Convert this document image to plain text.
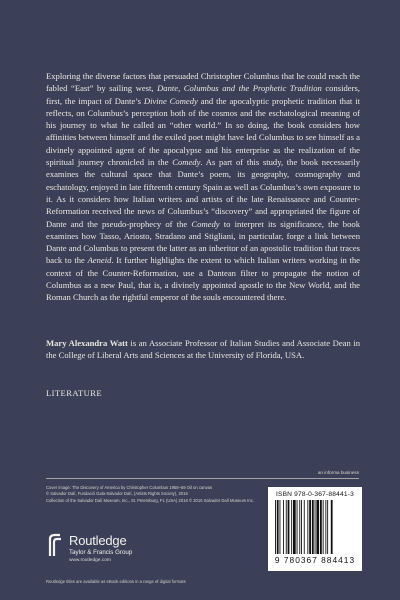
Exploring the diverse factors that persuaded Christopher Columbus that he could reach the fabled “East” by sailing west, Dante, Columbus and the Prophetic Tradition considers, first, the impact of Dante’s Divine Comedy and the apocalyptic prophetic tradition that it reflects, on Columbus’s perception both of the cosmos and the eschatological meaning of his journey to what he called an “other world.” In so doing, the book considers how affinities between himself and the exiled poet might have led Columbus to see himself as a divinely appointed agent of the apocalypse and his enterprise as the realization of the spiritual journey chronicled in the Comedy. As part of this study, the book necessarily examines the cultural space that Dante’s poem, its geography, cosmography and eschatology, enjoyed in late fifteenth century Spain as well as Columbus’s own exposure to it. As it considers how Italian writers and artists of the late Renaissance and Counter-Reformation received the news of Columbus’s “discovery” and appropriated the figure of Dante and the pseudo-prophecy of the Comedy to interpret its significance, the book examines how Tasso, Ariosto, Stradano and Stigliani, in particular, forge a link between Dante and Columbus to present the latter as an inheritor of an apostolic tradition that traces back to the Aeneid. It further highlights the extent to which Italian writers working in the context of the Counter-Reformation, use a Dantean filter to propagate the notion of Columbus as a new Paul, that is, a divinely appointed apostle to the New World, and the Roman Church as the rightful emperor of the souls encountered there.

Mary Alexandra Watt is an Associate Professor of Italian Studies and Associate Dean in the College of Liberal Arts and Sciences at the University of Florida, USA.
LITERATURE
an informa business
Cover image: The Discovery of America by Christopher Columbus 1958–59 Oil on canvas
© Salvador Dalí, Fundació Gala-Salvador Dalí, (Artists Rights Society), 2016
Collection of the Salvador Dalí Museum, Inc., St. Petersburg, FL (USA) 2016 © 2016 Salvador Dalí Museum Inc.
Routledge
Taylor & Francis Group
www.routledge.com
Routledge titles are available as eBook editions in a range of digital formats
ISBN 978-0-367-88441-3
9 780367 884413
